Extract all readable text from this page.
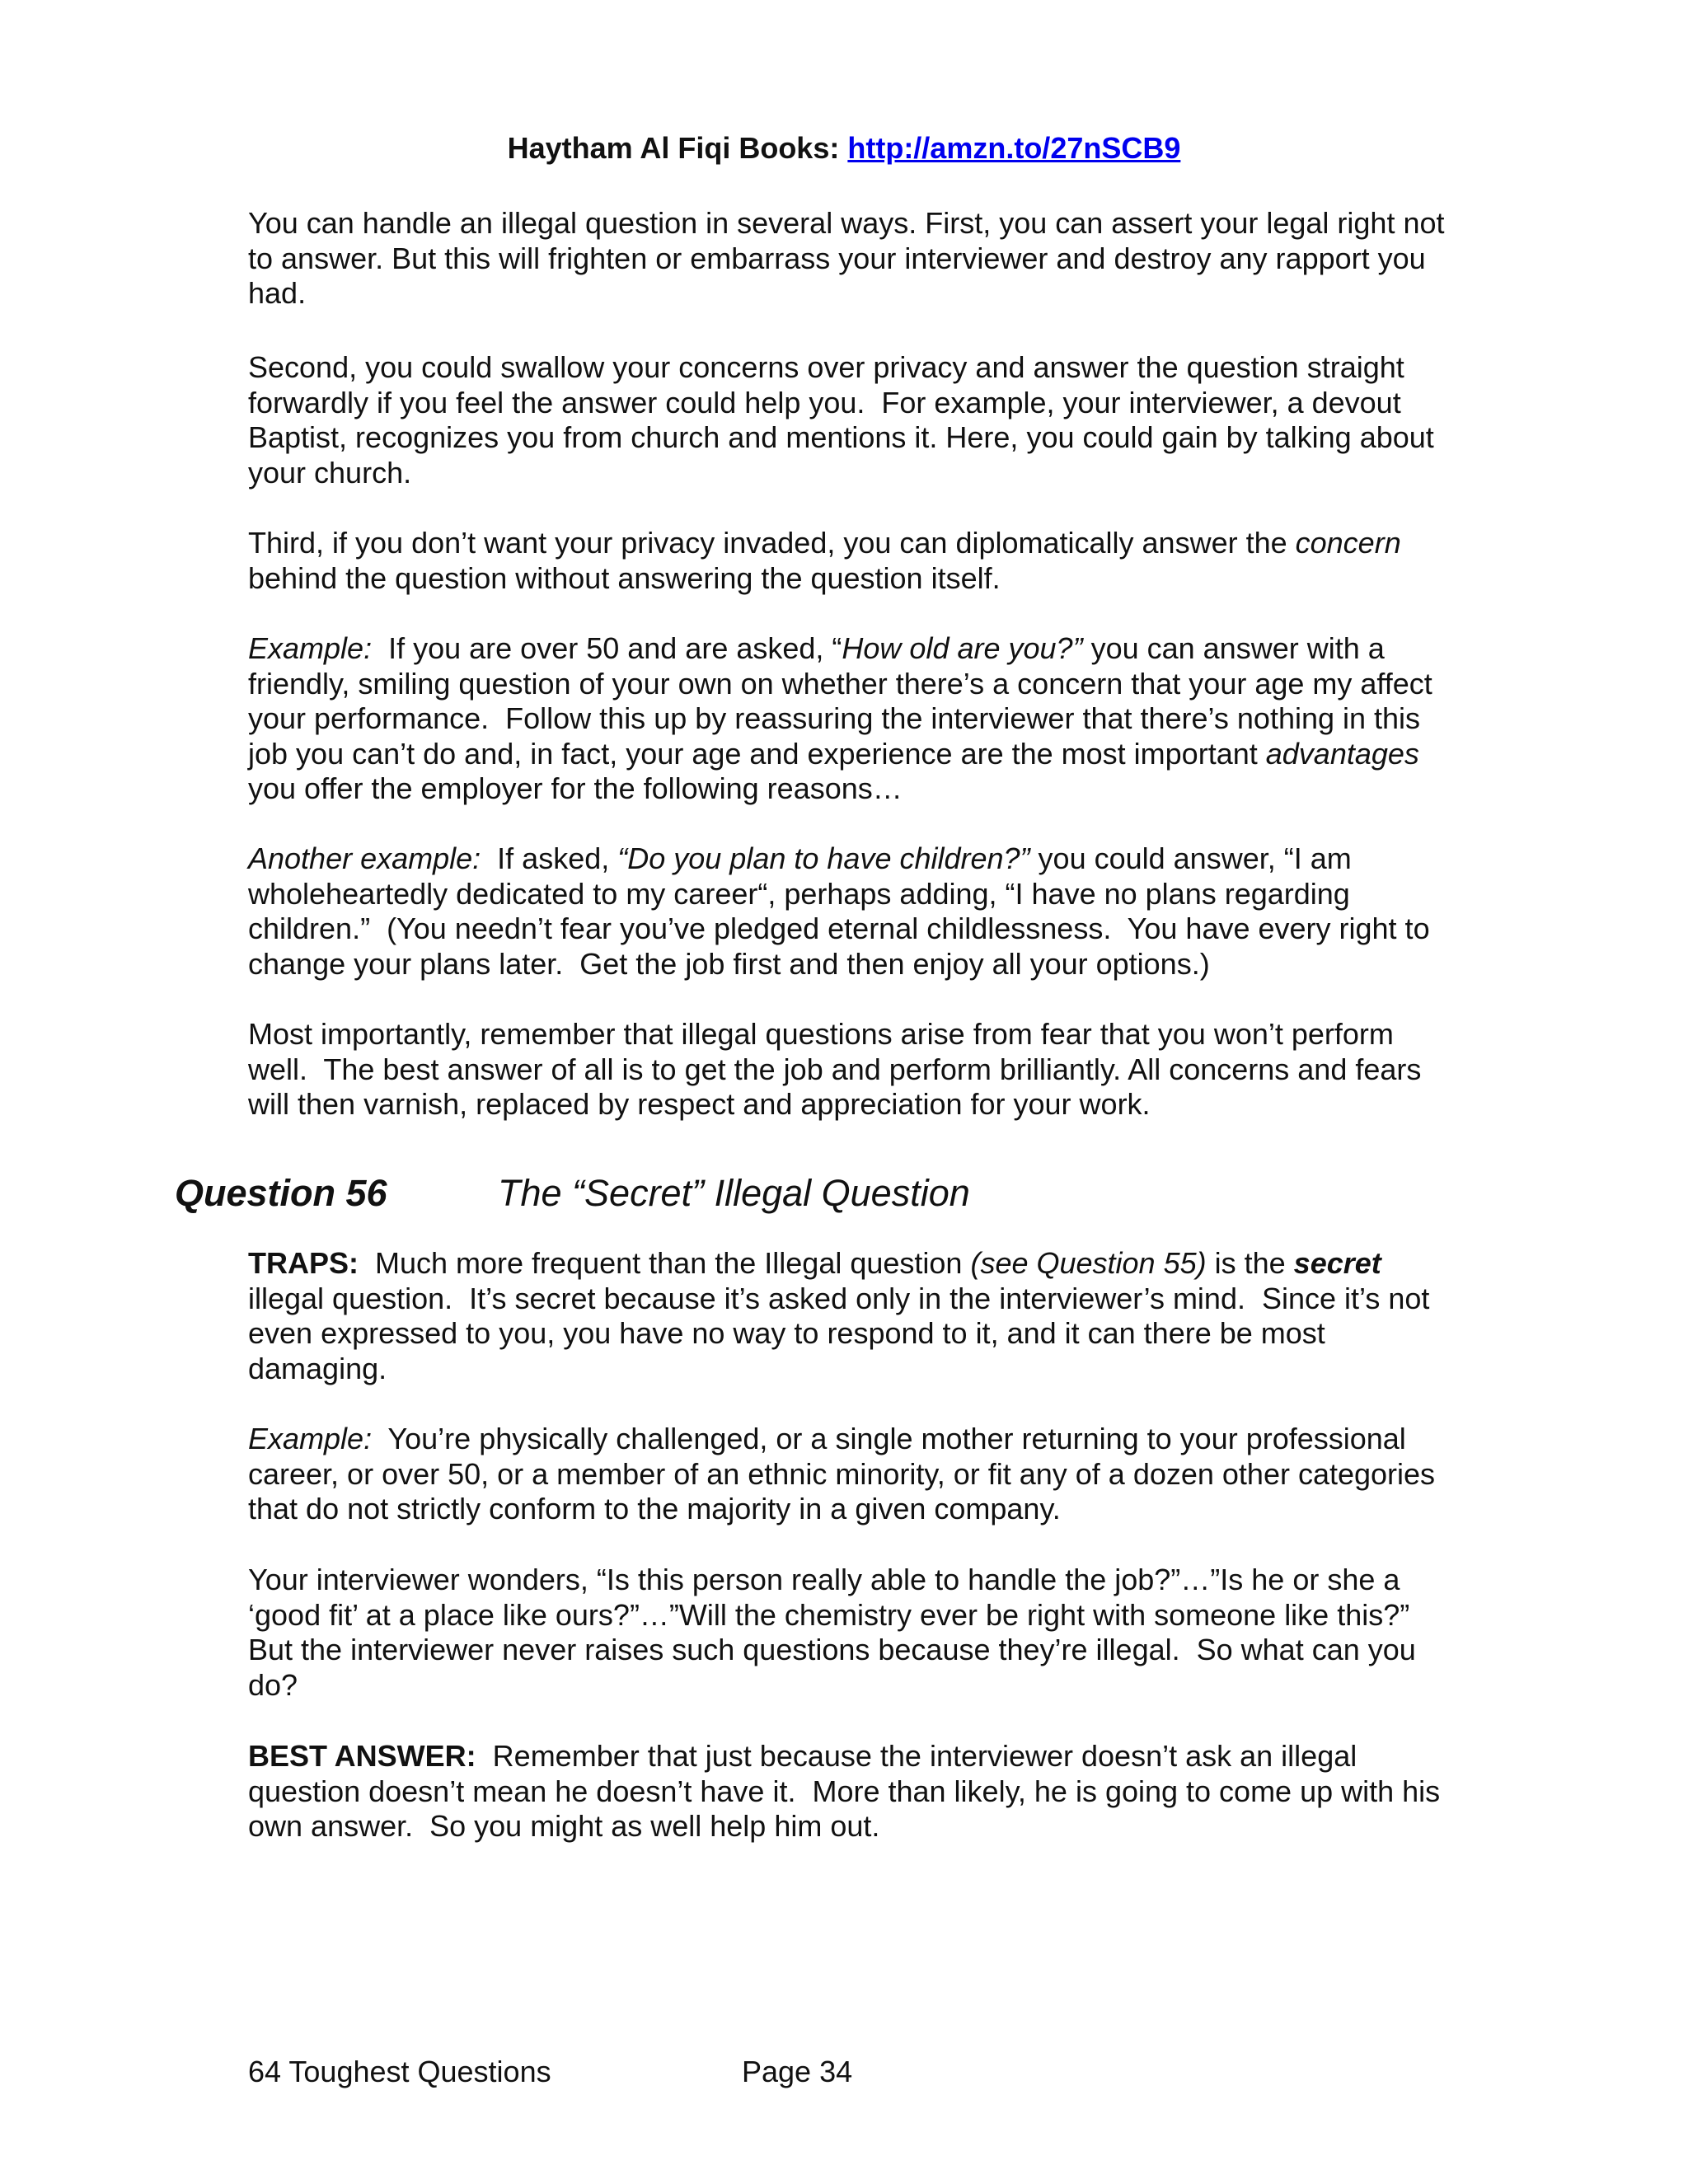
Haytham Al Fiqi Books: http://amzn.to/27nSCB9

You can handle an illegal question in several ways. First, you can assert your legal right not to answer. But this will frighten or embarrass your interviewer and destroy any rapport you had.

Second, you could swallow your concerns over privacy and answer the question straight forwardly if you feel the answer could help you.  For example, your interviewer, a devout Baptist, recognizes you from church and mentions it. Here, you could gain by talking about your church.

Third, if you don’t want your privacy invaded, you can diplomatically answer the concern behind the question without answering the question itself.

Example:  If you are over 50 and are asked, “How old are you?” you can answer with a friendly, smiling question of your own on whether there’s a concern that your age my affect your performance.  Follow this up by reassuring the interviewer that there’s nothing in this job you can’t do and, in fact, your age and experience are the most important advantages you offer the employer for the following reasons…

Another example:  If asked, “Do you plan to have children?” you could answer, “I am wholeheartedly dedicated to my career“, perhaps adding, “I have no plans regarding children.”  (You needn’t fear you’ve pledged eternal childlessness.  You have every right to change your plans later.  Get the job first and then enjoy all your options.)

Most importantly, remember that illegal questions arise from fear that you won’t perform well.  The best answer of all is to get the job and perform brilliantly. All concerns and fears will then varnish, replaced by respect and appreciation for your work.

Question 56	The “Secret” Illegal Question

TRAPS:  Much more frequent than the Illegal question (see Question 55) is the secret illegal question.  It’s secret because it’s asked only in the interviewer’s mind.  Since it’s not even expressed to you, you have no way to respond to it, and it can there be most damaging.

Example:  You’re physically challenged, or a single mother returning to your professional career, or over 50, or a member of an ethnic minority, or fit any of a dozen other categories that do not strictly conform to the majority in a given company.

Your interviewer wonders, “Is this person really able to handle the job?”…”Is he or she a ‘good fit’ at a place like ours?”…”Will the chemistry ever be right with someone like this?” But the interviewer never raises such questions because they’re illegal.  So what can you do?

BEST ANSWER:  Remember that just because the interviewer doesn’t ask an illegal question doesn’t mean he doesn’t have it.  More than likely, he is going to come up with his own answer.  So you might as well help him out.

64 Toughest Questions	Page 34
